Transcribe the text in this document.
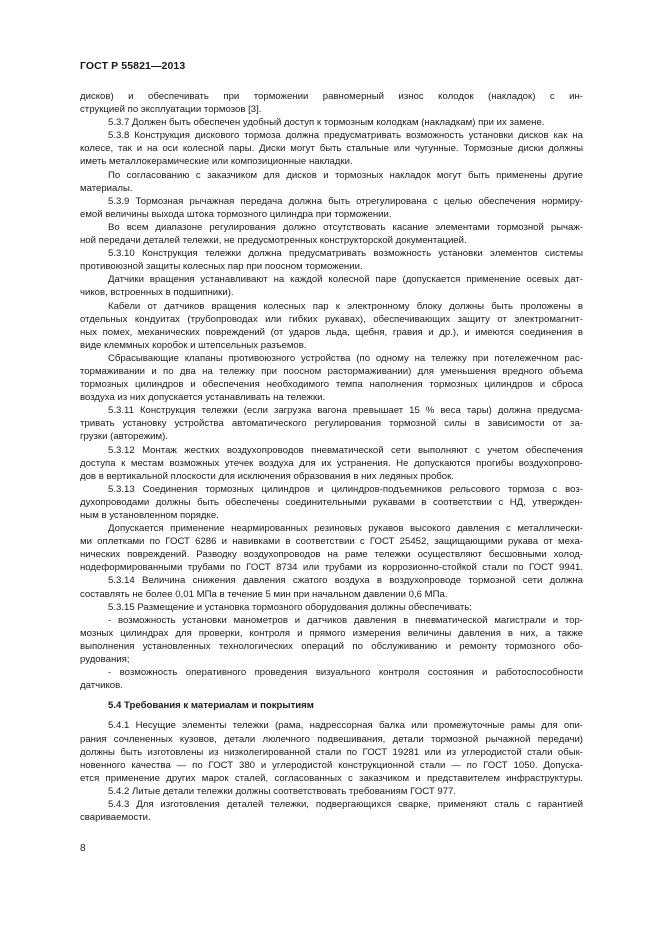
ГОСТ Р 55821—2013
дисков) и обеспечивать при торможении равномерный износ колодок (накладок) с ин-
струкцией по эксплуатации тормозов [3].
5.3.7 Должен быть обеспечен удобный доступ к тормозным колодкам (накладкам) при их замене.
5.3.8 Конструкция дискового тормоза должна предусматривать возможность установки дисков как на
колесе, так и на оси колесной пары. Диски могут быть стальные или чугунные. Тормозные диски должны
иметь металлокерамические или композиционные накладки.
По согласованию с заказчиком для дисков и тормозных накладок могут быть применены другие
материалы.
5.3.9 Тормозная рычажная передача должна быть отрегулирована с целью обеспечения нормиру-
емой величины выхода штока тормозного цилиндра при торможении.
Во всем диапазоне регулирования должно отсутствовать касание элементами тормозной рычаж-
ной передачи деталей тележки, не предусмотренных конструкторской документацией.
5.3.10 Конструкция тележки должна предусматривать возможность установки элементов системы
противоюзной защиты колесных пар при поосном торможении.
Датчики вращения устанавливают на каждой колесной паре (допускается применение осевых дат-
чиков, встроенных в подшипники).
Кабели от датчиков вращения колесных пар к электронному блоку должны быть проложены в
отдельных кондуитах (трубопроводах или гибких рукавах), обеспечивающих защиту от электромагнит-
ных помех, механических повреждений (от ударов льда, щебня, гравия и др.), и имеются соединения в
виде клеммных коробок и штепсельных разъемов.
Сбрасывающие клапаны противоюзного устройства (по одному на тележку при потележечном рас-
тормаживании и по два на тележку при поосном растормаживании) для уменьшения вредного объема
тормозных цилиндров и обеспечения необходимого темпа наполнения тормозных цилиндров и сброса
воздуха из них допускается устанавливать на тележки.
5.3.11 Конструкция тележки (если загрузка вагона превышает 15 % веса тары) должна предусма-
тривать установку устройства автоматического регулирования тормозной силы в зависимости от за-
грузки (авторежим).
5.3.12 Монтаж жестких воздухопроводов пневматической сети выполняют с учетом обеспечения
доступа к местам возможных утечек воздуха для их устранения. Не допускаются прогибы воздухопрово-
дов в вертикальной плоскости для исключения образования в них ледяных пробок.
5.3.13 Соединения тормозных цилиндров и цилиндров-подъемников рельсового тормоза с воз-
духопроводами должны быть обеспечены соединительными рукавами в соответствии с НД, утвержден-
ным в установленном порядке.
Допускается применение неармированных резиновых рукавов высокого давления с металлически-
ми оплетками по ГОСТ 6286 и навивками в соответствии с ГОСТ 25452, защищающими рукава от меха-
нических повреждений. Разводку воздухопроводов на раме тележки осуществляют бесшовными холод-
нодеформированными трубами по ГОСТ 8734 или трубами из коррозионно-стойкой стали по ГОСТ 9941.
5.3.14 Величина снижения давления сжатого воздуха в воздухопроводе тормозной сети должна
составлять не более 0,01 МПа в течение 5 мин при начальном давлении 0,6 МПа.
5.3.15 Размещение и установка тормозного оборудования должны обеспечивать:
- возможность установки манометров и датчиков давления в пневматической магистрали и тор-
мозных цилиндрах для проверки, контроля и прямого измерения величины давления в них, а также
выполнения установленных технологических операций по обслуживанию и ремонту тормозного обо-
рудования;
- возможность оперативного проведения визуального контроля состояния и работоспособности
датчиков.
5.4 Требования к материалам и покрытиям
5.4.1 Несущие элементы тележки (рама, надрессорная балка или промежуточные рамы для опи-
рания сочлененных кузовов, детали люлечного подвешивания, детали тормозной рычажной передачи)
должны быть изготовлены из низколегированной стали по ГОСТ 19281 или из углеродистой стали обык-
новенного качества — по ГОСТ 380 и углеродистой конструкционной стали — по ГОСТ 1050. Допуска-
ется применение других марок сталей, согласованных с заказчиком и представителем инфраструктуры.
5.4.2 Литые детали тележки должны соответствовать требованиям ГОСТ 977.
5.4.3 Для изготовления деталей тележки, подвергающихся сварке, применяют сталь с гарантией
свариваемости.
8
